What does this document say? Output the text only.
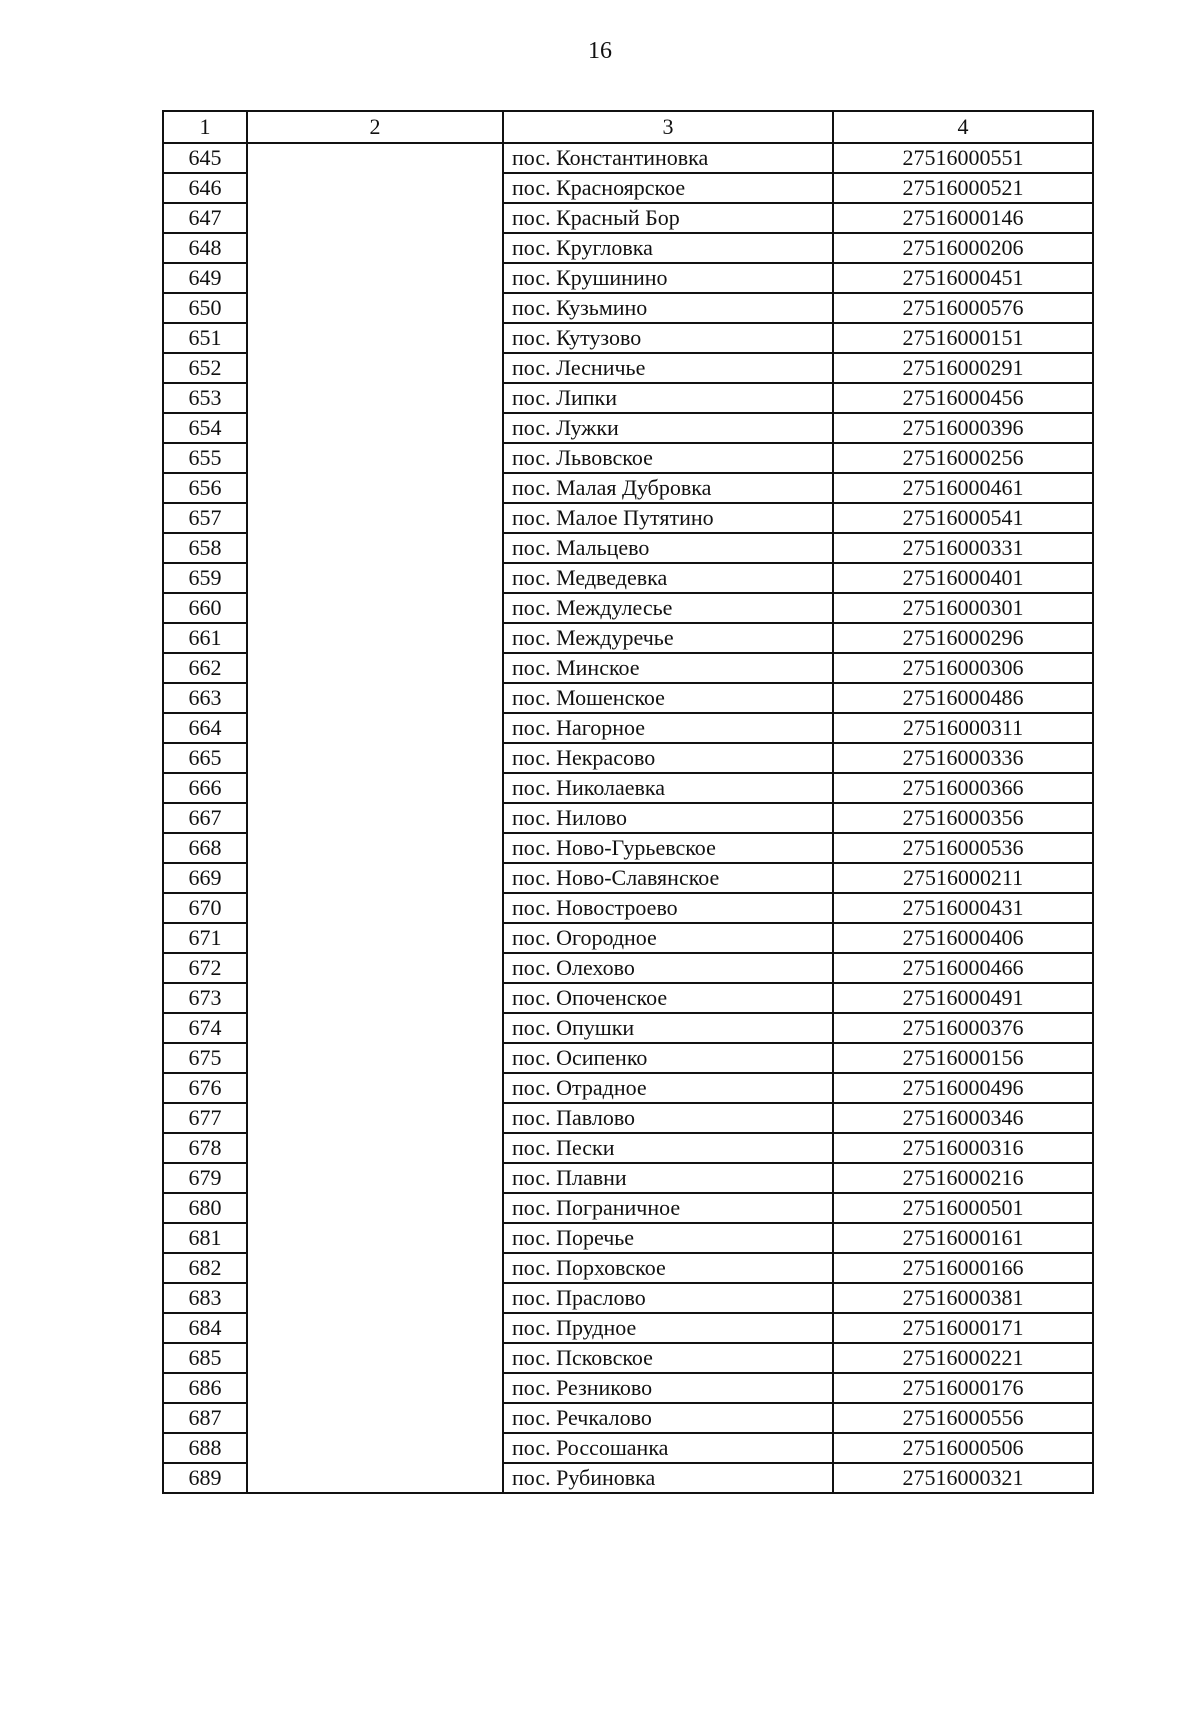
16
1	2	3	4
645		пос. Константиновка	27516000551
646		пос. Красноярское	27516000521
647		пос. Красный Бор	27516000146
648		пос. Кругловка	27516000206
649		пос. Крушинино	27516000451
650		пос. Кузьмино	27516000576
651		пос. Кутузово	27516000151
652		пос. Лесничье	27516000291
653		пос. Липки	27516000456
654		пос. Лужки	27516000396
655		пос. Львовское	27516000256
656		пос. Малая Дубровка	27516000461
657		пос. Малое Путятино	27516000541
658		пос. Мальцево	27516000331
659		пос. Медведевка	27516000401
660		пос. Междулесье	27516000301
661		пос. Междуречье	27516000296
662		пос. Минское	27516000306
663		пос. Мошенское	27516000486
664		пос. Нагорное	27516000311
665		пос. Некрасово	27516000336
666		пос. Николаевка	27516000366
667		пос. Нилово	27516000356
668		пос. Ново-Гурьевское	27516000536
669		пос. Ново-Славянское	27516000211
670		пос. Новостроево	27516000431
671		пос. Огородное	27516000406
672		пос. Олехово	27516000466
673		пос. Опоченское	27516000491
674		пос. Опушки	27516000376
675		пос. Осипенко	27516000156
676		пос. Отрадное	27516000496
677		пос. Павлово	27516000346
678		пос. Пески	27516000316
679		пос. Плавни	27516000216
680		пос. Пограничное	27516000501
681		пос. Поречье	27516000161
682		пос. Порховское	27516000166
683		пос. Праслово	27516000381
684		пос. Прудное	27516000171
685		пос. Псковское	27516000221
686		пос. Резниково	27516000176
687		пос. Речкалово	27516000556
688		пос. Россошанка	27516000506
689		пос. Рубиновка	27516000321
